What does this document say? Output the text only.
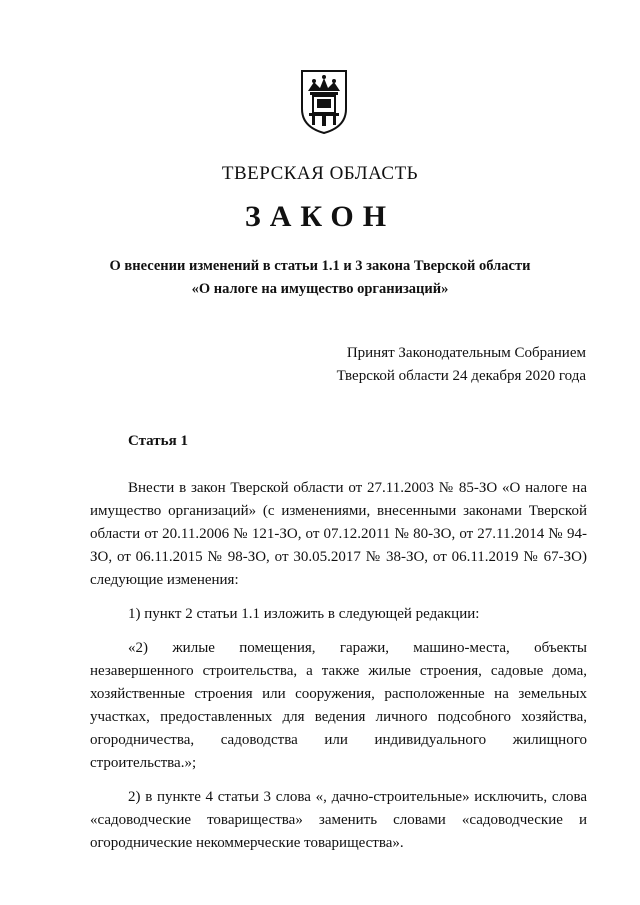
ТВЕРСКАЯ ОБЛАСТЬ
ЗАКОН
О внесении изменений в статьи 1.1 и 3 закона Тверской области
«О налоге на имущество организаций»
Принят Законодательным Собранием
Тверской области 24 декабря 2020 года
Статья 1

Внести в закон Тверской области от 27.11.2003 № 85-ЗО «О налоге на имущество организаций» (с изменениями, внесенными законами Тверской области от 20.11.2006 № 121-ЗО, от 07.12.2011 № 80-ЗО, от 27.11.2014 № 94-ЗО, от 06.11.2015 № 98-ЗО, от 30.05.2017 № 38-ЗО, от 06.11.2019 № 67-ЗО) следующие изменения:

1) пункт 2 статьи 1.1 изложить в следующей редакции:

«2) жилые помещения, гаражи, машино-места, объекты незавершенного строительства, а также жилые строения, садовые дома, хозяйственные строения или сооружения, расположенные на земельных участках, предоставленных для ведения личного подсобного хозяйства, огородничества, садоводства или индивидуального жилищного строительства.»;

2) в пункте 4 статьи 3 слова «, дачно-строительные» исключить, слова «садоводческие товарищества» заменить словами «садоводческие и огороднические некоммерческие товарищества».
